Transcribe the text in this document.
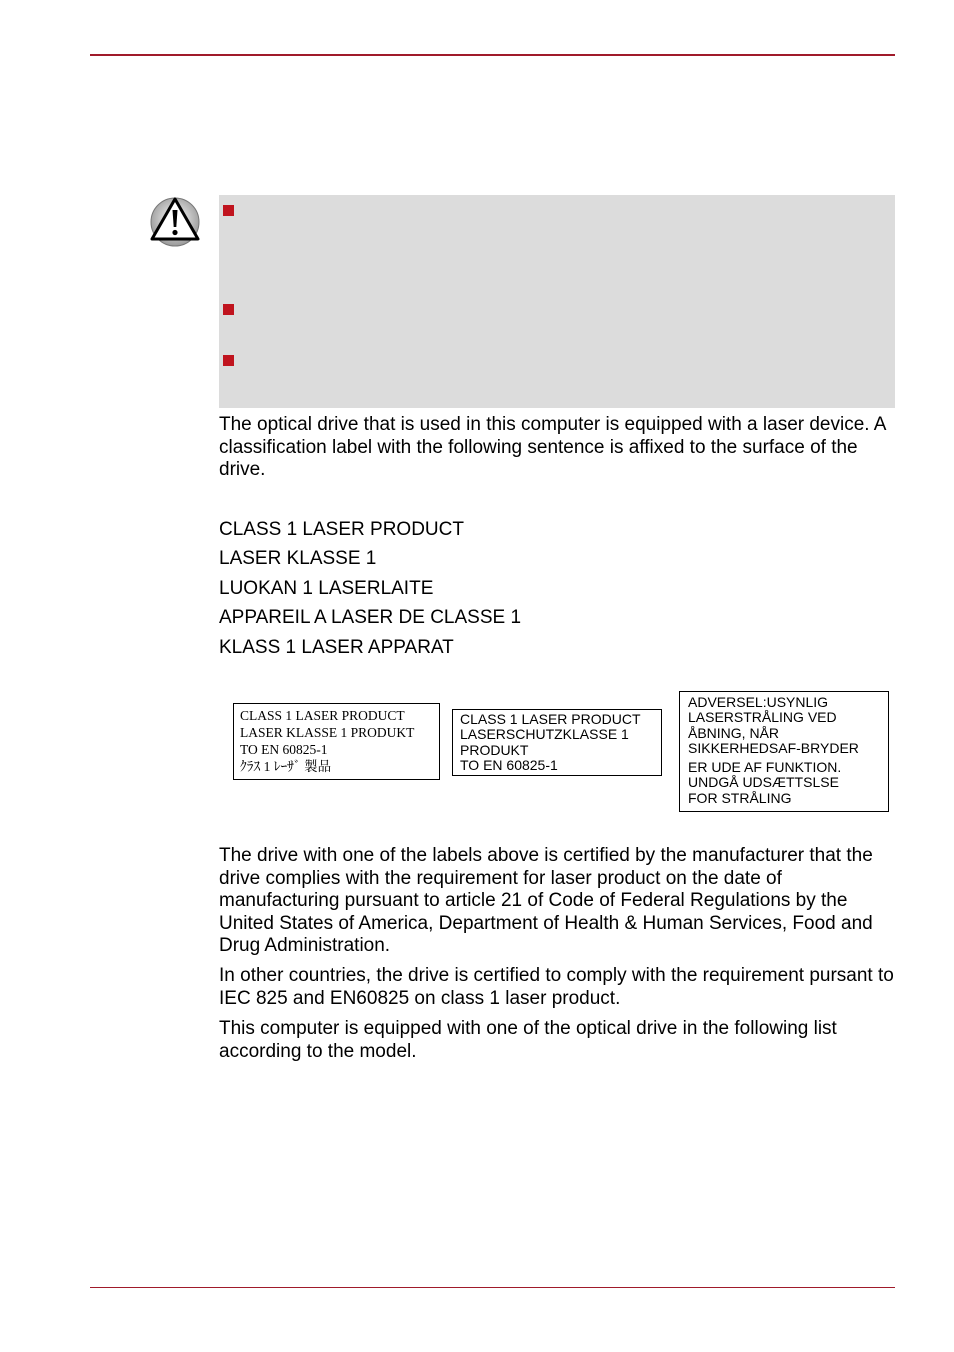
The optical drive that is used in this computer is equipped with a laser device. A classification label with the following sentence is affixed to the surface of the drive.

CLASS 1 LASER PRODUCT

LASER KLASSE 1

LUOKAN 1 LASERLAITE

APPAREIL A LASER DE CLASSE 1

KLASS 1 LASER APPARAT

CLASS 1 LASER PRODUCT
LASER KLASSE 1 PRODUKT
TO EN 60825-1
ｸﾗｽ 1 ﾚｰｻﾞ 製品
CLASS 1 LASER PRODUCT
LASERSCHUTZKLASSE 1
PRODUKT
TO EN 60825-1
ADVERSEL:USYNLIG
LASERSTRÅLING VED
ÅBNING, NÅR
SIKKERHEDSAF-BRYDER
ER UDE AF FUNKTION.
UNDGÅ UDSÆTTSLSE
FOR STRÅLING

The drive with one of the labels above is certified by the manufacturer that the drive complies with the requirement for laser product on the date of manufacturing pursuant to article 21 of Code of Federal Regulations by the United States of America, Department of Health & Human Services, Food and Drug Administration.

In other countries, the drive is certified to comply with the requirement pursant to IEC 825 and EN60825 on class 1 laser product.

This computer is equipped with one of the optical drive in the following list according to the model.
